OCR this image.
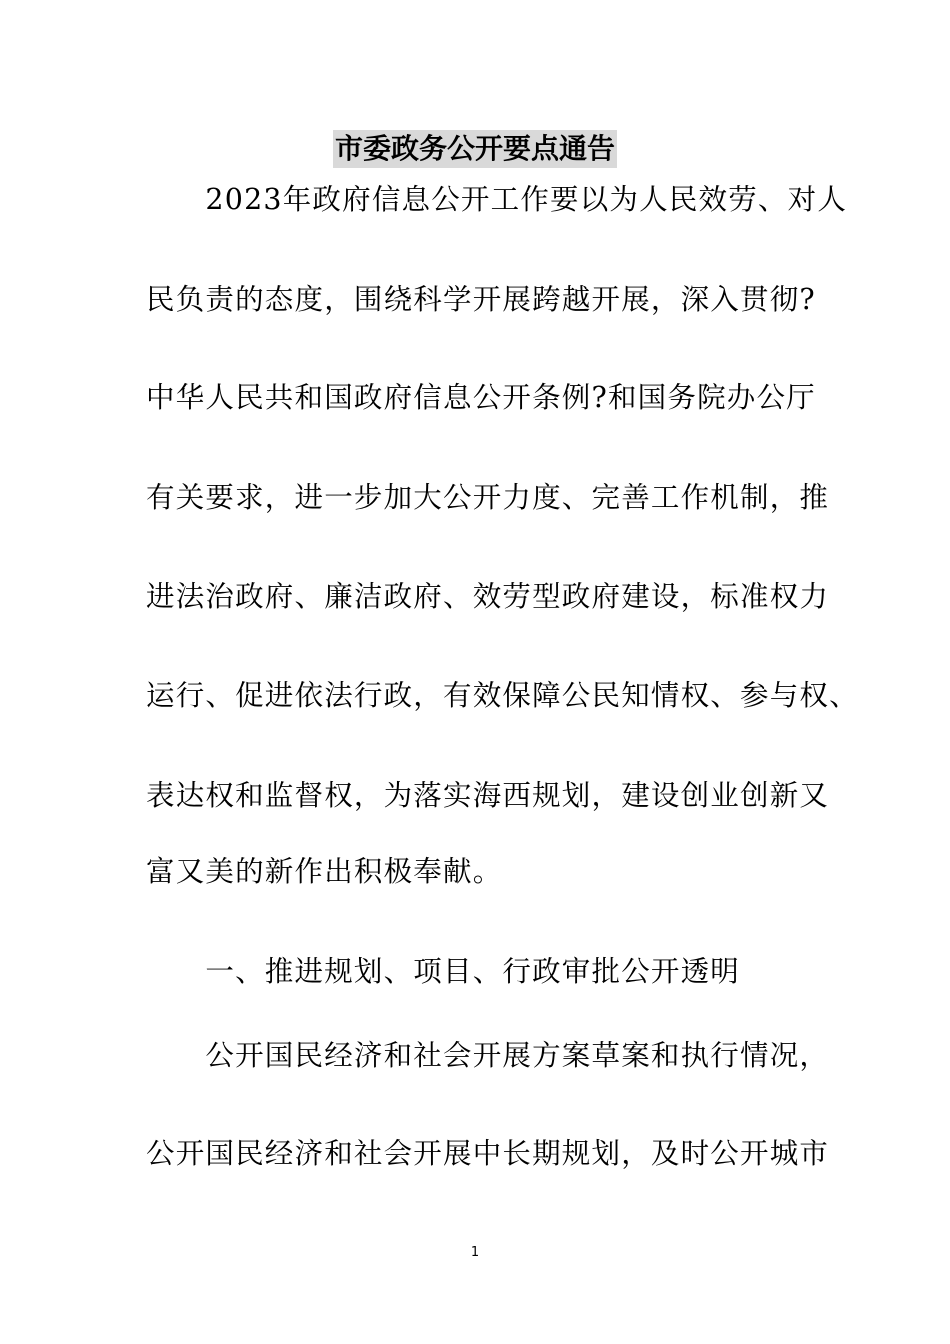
市委政务公开要点通告
　　2023年政府信息公开工作要以为人民效劳、对人
民负责的态度，围绕科学开展跨越开展，深入贯彻?
中华人民共和国政府信息公开条例?和国务院办公厅
有关要求，进一步加大公开力度、完善工作机制，推
进法治政府、廉洁政府、效劳型政府建设，标准权力
运行、促进依法行政，有效保障公民知情权、参与权、
表达权和监督权，为落实海西规划，建设创业创新又
富又美的新作出积极奉献。
　　一、推进规划、项目、行政审批公开透明
　　公开国民经济和社会开展方案草案和执行情况，
公开国民经济和社会开展中长期规划，及时公开城市
1
